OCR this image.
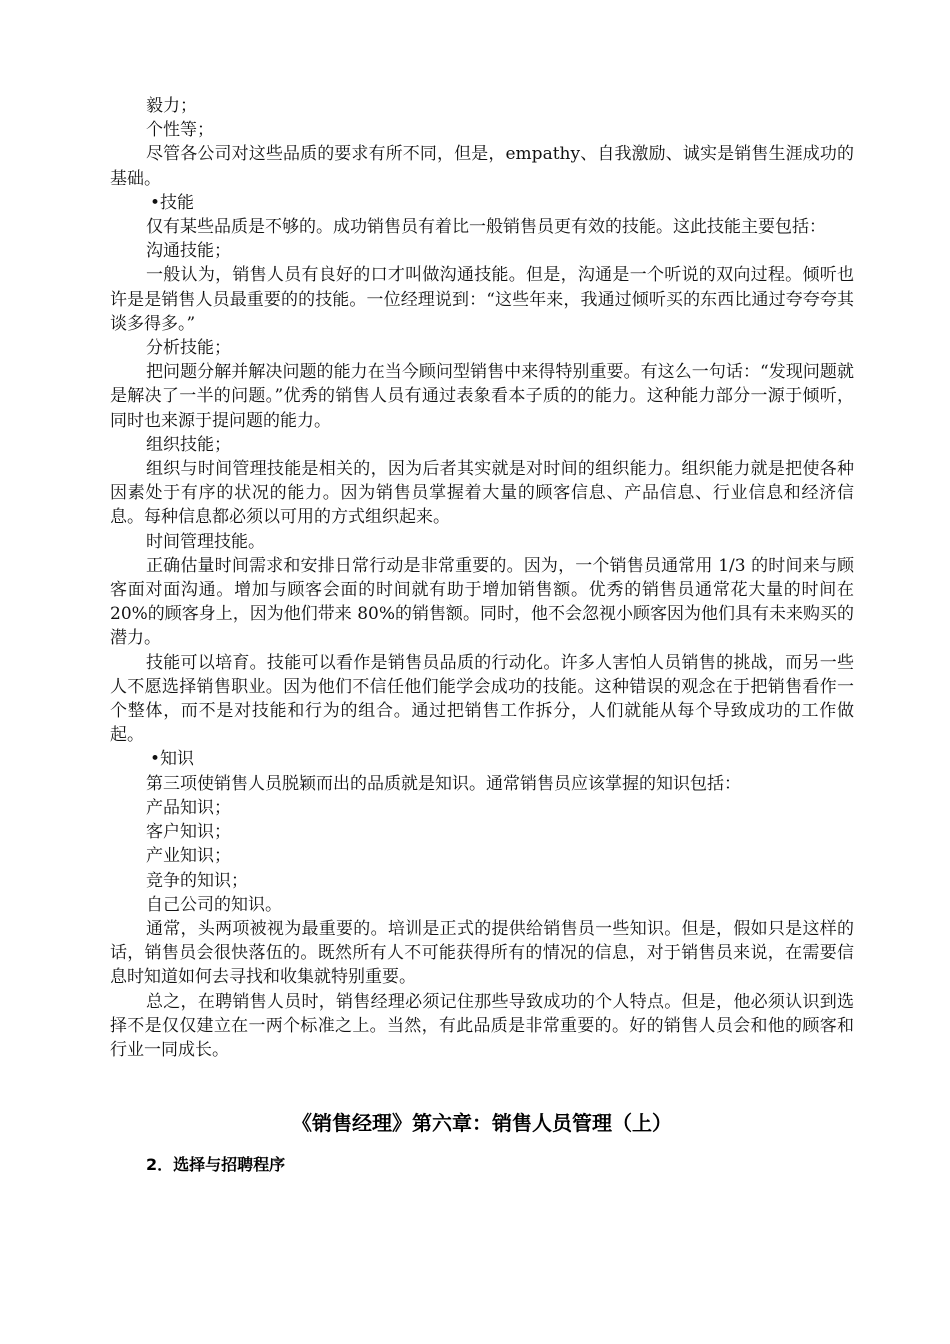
毅力；

个性等；

尽管各公司对这些品质的要求有所不同，但是，empathy、自我激励、诚实是销售生涯成功的基础。

•技能

仅有某些品质是不够的。成功销售员有着比一般销售员更有效的技能。这此技能主要包括：

沟通技能；

一般认为，销售人员有良好的口才叫做沟通技能。但是，沟通是一个听说的双向过程。倾听也许是是销售人员最重要的的技能。一位经理说到：“这些年来，我通过倾听买的东西比通过夸夸夸其谈多得多。”

分析技能；

把问题分解并解决问题的能力在当今顾问型销售中来得特别重要。有这么一句话：“发现问题就是解决了一半的问题。”优秀的销售人员有通过表象看本子质的的能力。这种能力部分一源于倾听，同时也来源于提问题的能力。

组织技能；

组织与时间管理技能是相关的，因为后者其实就是对时间的组织能力。组织能力就是把使各种因素处于有序的状况的能力。因为销售员掌握着大量的顾客信息、产品信息、行业信息和经济信息。每种信息都必须以可用的方式组织起来。

时间管理技能。

正确估量时间需求和安排日常行动是非常重要的。因为，一个销售员通常用 1/3 的时间来与顾客面对面沟通。增加与顾客会面的时间就有助于增加销售额。优秀的销售员通常花大量的时间在 20%的顾客身上，因为他们带来 80%的销售额。同时，他不会忽视小顾客因为他们具有未来购买的潜力。

技能可以培育。技能可以看作是销售员品质的行动化。许多人害怕人员销售的挑战，而另一些人不愿选择销售职业。因为他们不信任他们能学会成功的技能。这种错误的观念在于把销售看作一个整体，而不是对技能和行为的组合。通过把销售工作拆分，人们就能从每个导致成功的工作做起。

•知识

第三项使销售人员脱颖而出的品质就是知识。通常销售员应该掌握的知识包括：

产品知识；

客户知识；

产业知识；

竞争的知识；

自己公司的知识。

通常，头两项被视为最重要的。培训是正式的提供给销售员一些知识。但是，假如只是这样的话，销售员会很快落伍的。既然所有人不可能获得所有的情况的信息，对于销售员来说，在需要信息时知道如何去寻找和收集就特别重要。

总之，在聘销售人员时，销售经理必须记住那些导致成功的个人特点。但是，他必须认识到选择不是仅仅建立在一两个标准之上。当然，有此品质是非常重要的。好的销售人员会和他的顾客和行业一同成长。

《销售经理》第六章：销售人员管理（上）
2．选择与招聘程序
